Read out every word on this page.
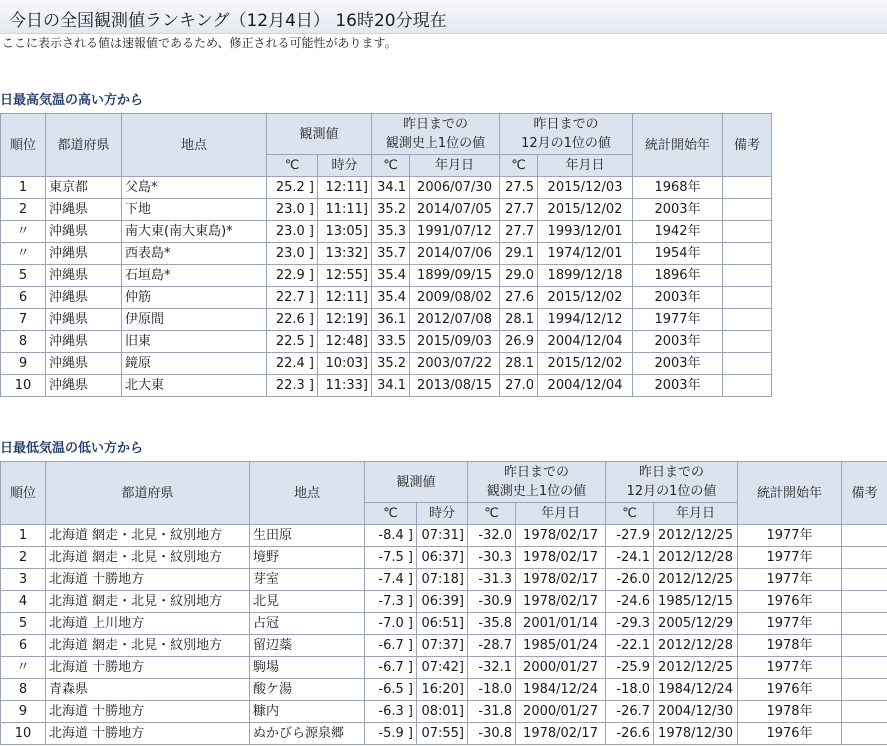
今日の全国観測値ランキング（12月4日） 16時20分現在
ここに表示される値は速報値であるため、修正される可能性があります。
日最高気温の高い方から
順位	都道府県	地点	観測値		昨日までの
観測史上1位の値		昨日までの
12月の1位の値		統計開始年	備考
			℃	時分	℃	年月日	℃	年月日		
1	東京都	父島*	25.2 ]	12:11]	34.1	2006/07/30	27.5	2015/12/03	1968年	
2	沖縄県	下地	23.0 ]	11:11]	35.2	2014/07/05	27.7	2015/12/02	2003年	
〃	沖縄県	南大東(南大東島)*	23.0 ]	13:05]	35.3	1991/07/12	27.7	1993/12/01	1942年	
〃	沖縄県	西表島*	23.0 ]	13:32]	35.7	2014/07/06	29.1	1974/12/01	1954年	
5	沖縄県	石垣島*	22.9 ]	12:55]	35.4	1899/09/15	29.0	1899/12/18	1896年	
6	沖縄県	仲筋	22.7 ]	12:11]	35.4	2009/08/02	27.6	2015/12/02	2003年	
7	沖縄県	伊原間	22.6 ]	12:19]	36.1	2012/07/08	28.1	1994/12/12	1977年	
8	沖縄県	旧東	22.5 ]	12:48]	33.5	2015/09/03	26.9	2004/12/04	2003年	
9	沖縄県	鏡原	22.4 ]	10:03]	35.2	2003/07/22	28.1	2015/12/02	2003年	
10	沖縄県	北大東	22.3 ]	11:33]	34.1	2013/08/15	27.0	2004/12/04	2003年	
日最低気温の低い方から
順位	都道府県	地点	観測値		昨日までの
観測史上1位の値		昨日までの
12月の1位の値		統計開始年	備考
			℃	時分	℃	年月日	℃	年月日		
1	北海道 網走・北見・紋別地方	生田原	-8.4 ]	07:31]	-32.0	1978/02/17	-27.9	2012/12/25	1977年	
2	北海道 網走・北見・紋別地方	境野	-7.5 ]	06:37]	-30.3	1978/02/17	-24.1	2012/12/28	1977年	
3	北海道 十勝地方	芽室	-7.4 ]	07:18]	-31.3	1978/02/17	-26.0	2012/12/25	1977年	
4	北海道 網走・北見・紋別地方	北見	-7.3 ]	06:39]	-30.9	1978/02/17	-24.6	1985/12/15	1976年	
5	北海道 上川地方	占冠	-7.0 ]	06:51]	-35.8	2001/01/14	-29.3	2005/12/29	1977年	
6	北海道 網走・北見・紋別地方	留辺蘂	-6.7 ]	07:37]	-28.7	1985/01/24	-22.1	2012/12/28	1978年	
〃	北海道 十勝地方	駒場	-6.7 ]	07:42]	-32.1	2000/01/27	-25.9	2012/12/25	1977年	
8	青森県	酸ケ湯	-6.5 ]	16:20]	-18.0	1984/12/24	-18.0	1984/12/24	1976年	
9	北海道 十勝地方	糠内	-6.3 ]	08:01]	-31.8	2000/01/27	-26.7	2004/12/30	1978年	
10	北海道 十勝地方	ぬかびら源泉郷	-5.9 ]	07:55]	-30.8	1978/02/17	-26.6	1978/12/30	1976年	
